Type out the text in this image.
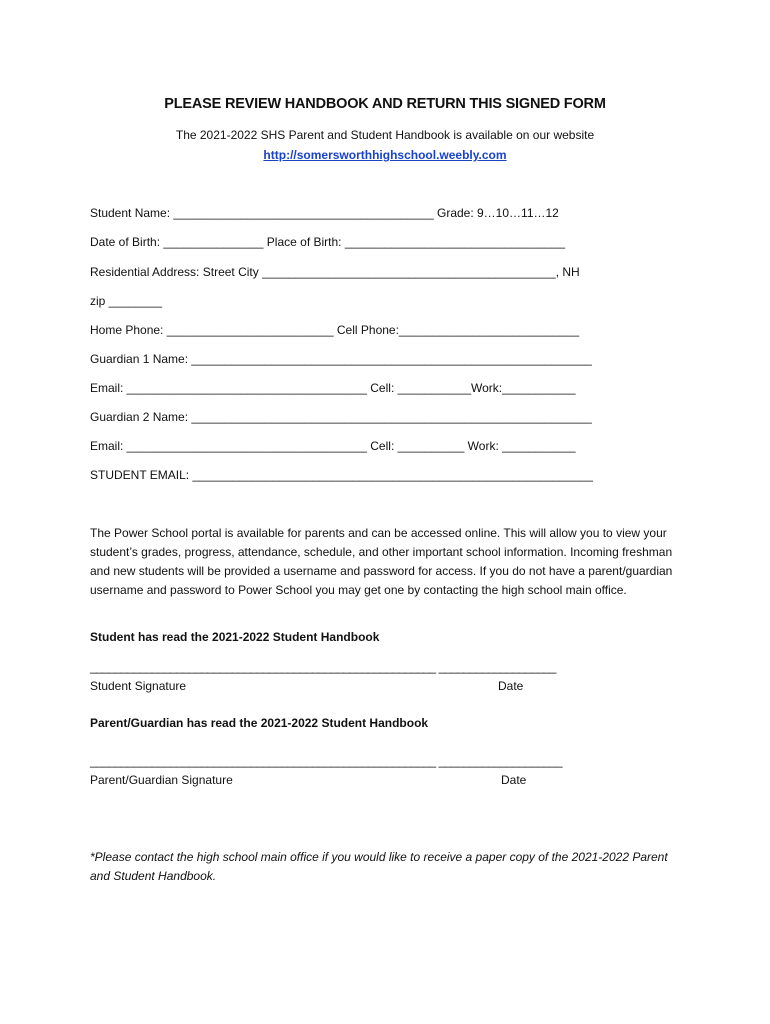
PLEASE REVIEW HANDBOOK AND RETURN THIS SIGNED FORM
The 2021-2022 SHS Parent and Student Handbook is available on our website
http://somersworthhighschool.weebly.com
Student Name: _______________________________________ Grade: 9…10…11…12
Date of Birth: _______________ Place of Birth: _________________________________
Residential Address: Street City ____________________________________________, NH
zip ________
Home Phone: _________________________ Cell Phone:___________________________
Guardian 1 Name: ____________________________________________________________
Email: ____________________________________ Cell: ___________Work:___________
Guardian 2 Name: ____________________________________________________________
Email: ____________________________________ Cell: __________ Work: ___________
STUDENT EMAIL: ____________________________________________________________
The Power School portal is available for parents and can be accessed online. This will allow you to view your student’s grades, progress, attendance, schedule, and other important school information. Incoming freshman and new students will be provided a username and password for access. If you do not have a parent/guardian username and password to Power School you may get one by contacting the high school main office.
Student has read the 2021-2022 Student Handbook
________________________________________________________ ___________________
Student Signature	Date
Parent/Guardian has read the 2021-2022 Student Handbook
________________________________________________________ ____________________
Parent/Guardian Signature	Date
*Please contact the high school main office if you would like to receive a paper copy of the 2021-2022 Parent and Student Handbook.
